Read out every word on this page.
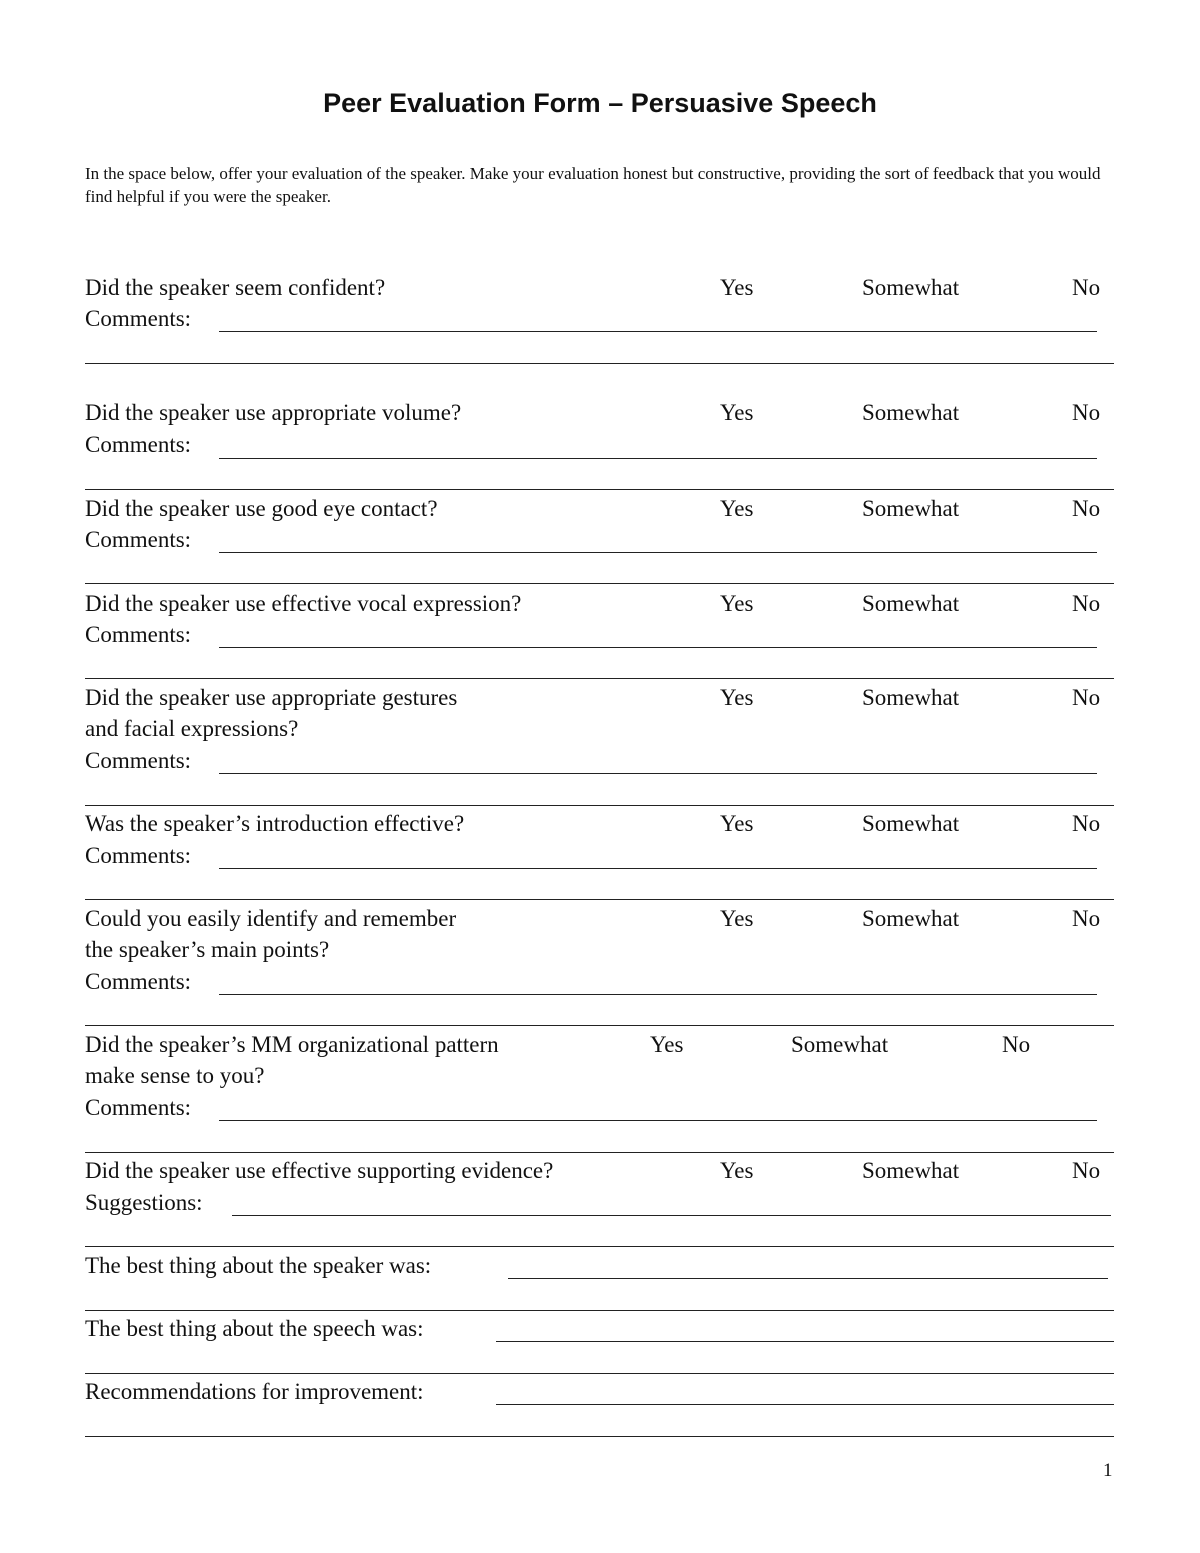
Peer Evaluation Form – Persuasive Speech
In the space below, offer your evaluation of the speaker. Make your evaluation honest but constructive, providing the sort of feedback that you would find helpful if you were the speaker.
Did the speaker seem confident?	Yes	Somewhat	No
Comments:
Did the speaker use appropriate volume?	Yes	Somewhat	No
Comments:
Did the speaker use good eye contact?	Yes	Somewhat	No
Comments:
Did the speaker use effective vocal expression?	Yes	Somewhat	No
Comments:
Did the speaker use appropriate gestures
and facial expressions?
Yes	Somewhat	No
Comments:
Was the speaker’s introduction effective?	Yes	Somewhat	No
Comments:
Could you easily identify and remember
the speaker’s main points?
Yes	Somewhat	No
Comments:
Did the speaker’s MM organizational pattern
make sense to you?
Yes	Somewhat	No
Comments:
Did the speaker use effective supporting evidence?	Yes	Somewhat	No
Suggestions:
The best thing about the speaker was:
The best thing about the speech was:
Recommendations for improvement:
1
